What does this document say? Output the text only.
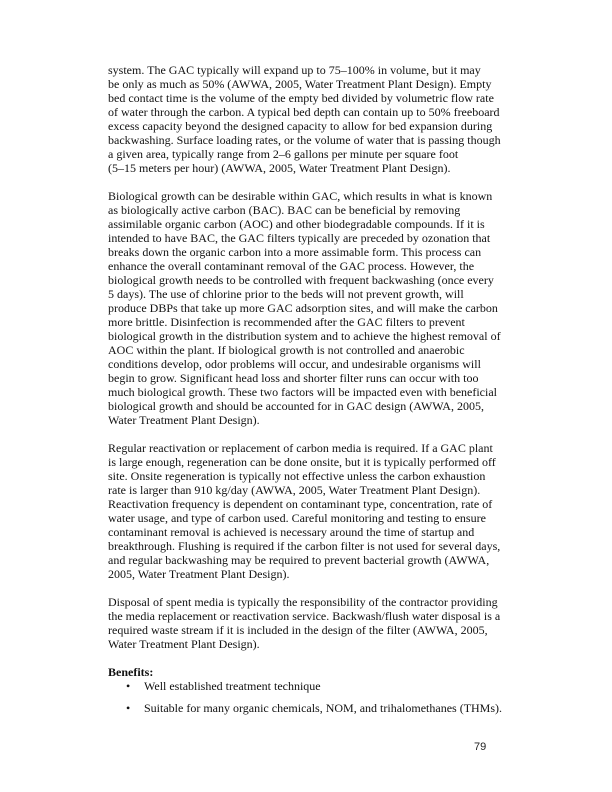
system. The GAC typically will expand up to 75–100% in volume, but it may
be only as much as 50% (AWWA, 2005, Water Treatment Plant Design). Empty
bed contact time is the volume of the empty bed divided by volumetric flow rate
of water through the carbon. A typical bed depth can contain up to 50% freeboard
excess capacity beyond the designed capacity to allow for bed expansion during
backwashing. Surface loading rates, or the volume of water that is passing though
a given area, typically range from 2–6 gallons per minute per square foot
(5–15 meters per hour) (AWWA, 2005, Water Treatment Plant Design).

Biological growth can be desirable within GAC, which results in what is known
as biologically active carbon (BAC). BAC can be beneficial by removing
assimilable organic carbon (AOC) and other biodegradable compounds. If it is
intended to have BAC, the GAC filters typically are preceded by ozonation that
breaks down the organic carbon into a more assimable form. This process can
enhance the overall contaminant removal of the GAC process. However, the
biological growth needs to be controlled with frequent backwashing (once every
5 days). The use of chlorine prior to the beds will not prevent growth, will
produce DBPs that take up more GAC adsorption sites, and will make the carbon
more brittle. Disinfection is recommended after the GAC filters to prevent
biological growth in the distribution system and to achieve the highest removal of
AOC within the plant. If biological growth is not controlled and anaerobic
conditions develop, odor problems will occur, and undesirable organisms will
begin to grow. Significant head loss and shorter filter runs can occur with too
much biological growth. These two factors will be impacted even with beneficial
biological growth and should be accounted for in GAC design (AWWA, 2005,
Water Treatment Plant Design).

Regular reactivation or replacement of carbon media is required. If a GAC plant
is large enough, regeneration can be done onsite, but it is typically performed off
site. Onsite regeneration is typically not effective unless the carbon exhaustion
rate is larger than 910 kg/day (AWWA, 2005, Water Treatment Plant Design).
Reactivation frequency is dependent on contaminant type, concentration, rate of
water usage, and type of carbon used. Careful monitoring and testing to ensure
contaminant removal is achieved is necessary around the time of startup and
breakthrough. Flushing is required if the carbon filter is not used for several days,
and regular backwashing may be required to prevent bacterial growth (AWWA,
2005, Water Treatment Plant Design).

Disposal of spent media is typically the responsibility of the contractor providing
the media replacement or reactivation service. Backwash/flush water disposal is a
required waste stream if it is included in the design of the filter (AWWA, 2005,
Water Treatment Plant Design).

Benefits:

• Well established treatment technique
• Suitable for many organic chemicals, NOM, and trihalomethanes (THMs).
79
